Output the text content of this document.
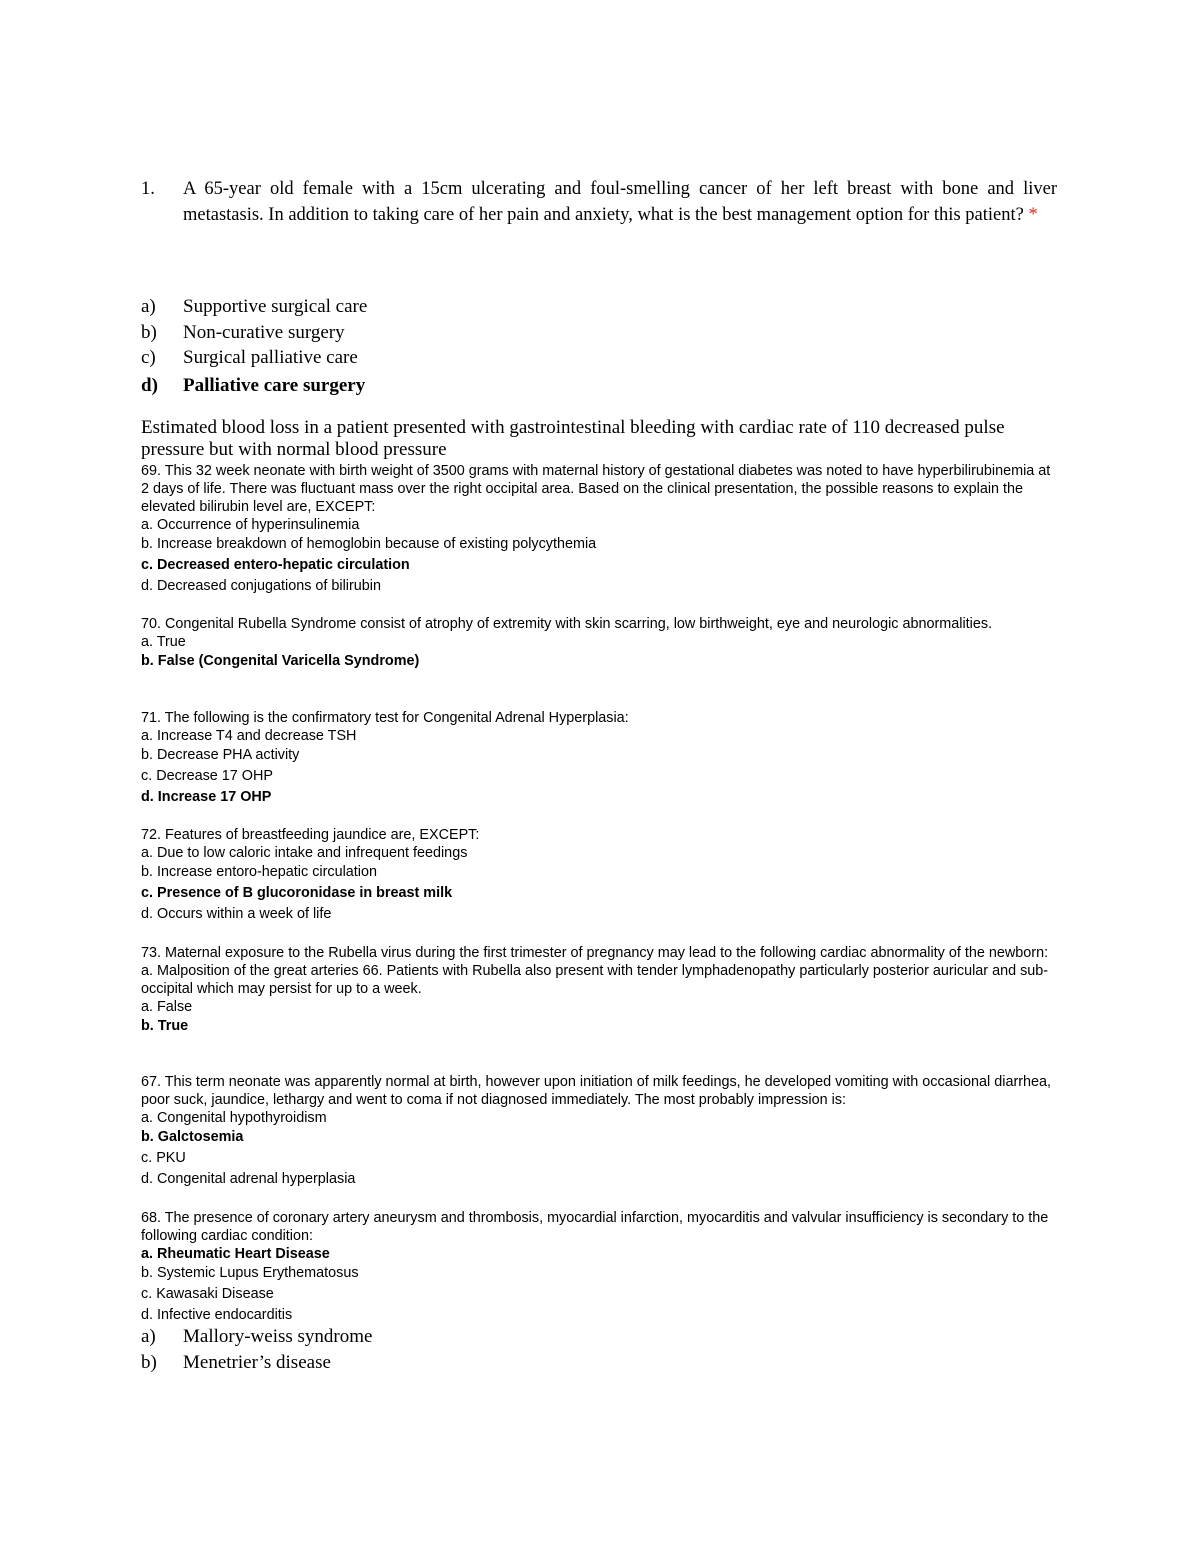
1. A 65-year old female with a 15cm ulcerating and foul-smelling cancer of her left breast with bone and liver metastasis. In addition to taking care of her pain and anxiety, what is the best management option for this patient? *
a)	Supportive surgical care
b)	Non-curative surgery
c)	Surgical palliative care
d)	Palliative care surgery
Estimated blood loss in a patient presented with gastrointestinal bleeding with cardiac rate of 110 decreased pulse pressure but with normal blood pressure

69. This 32 week neonate with birth weight of 3500 grams with maternal history of gestational diabetes was noted to have hyperbilirubinemia at 2 days of life. There was fluctuant mass over the right occipital area. Based on the clinical presentation, the possible reasons to explain the elevated bilirubin level are, EXCEPT:

a. Occurrence of hyperinsulinemia

b. Increase breakdown of hemoglobin because of existing polycythemia

c. Decreased entero-hepatic circulation

d. Decreased conjugations of bilirubin

70. Congenital Rubella Syndrome consist of atrophy of extremity with skin scarring, low birthweight, eye and neurologic abnormalities.

a. True

b. False (Congenital Varicella Syndrome)

71. The following is the confirmatory test for Congenital Adrenal Hyperplasia:

a. Increase T4 and decrease TSH

b. Decrease PHA activity

c. Decrease 17 OHP

d. Increase 17 OHP

72. Features of breastfeeding jaundice are, EXCEPT:

a. Due to low caloric intake and infrequent feedings

b. Increase entoro-hepatic circulation

c. Presence of B glucoronidase in breast milk

d. Occurs within a week of life

73. Maternal exposure to the Rubella virus during the first trimester of pregnancy may lead to the following cardiac abnormality of the newborn:

a. Malposition of the great arteries 66. Patients with Rubella also present with tender lymphadenopathy particularly posterior auricular and sub-occipital which may persist for up to a week.

a. False

b. True

67. This term neonate was apparently normal at birth, however upon initiation of milk feedings, he developed vomiting with occasional diarrhea, poor suck, jaundice, lethargy and went to coma if not diagnosed immediately. The most probably impression is:

a. Congenital hypothyroidism

b. Galctosemia

c. PKU

d. Congenital adrenal hyperplasia

68. The presence of coronary artery aneurysm and thrombosis, myocardial infarction, myocarditis and valvular insufficiency is secondary to the following cardiac condition:

a. Rheumatic Heart Disease

b. Systemic Lupus Erythematosus

c. Kawasaki Disease

d. Infective endocarditis

a)	Mallory-weiss syndrome
b)	Menetrier’s disease
